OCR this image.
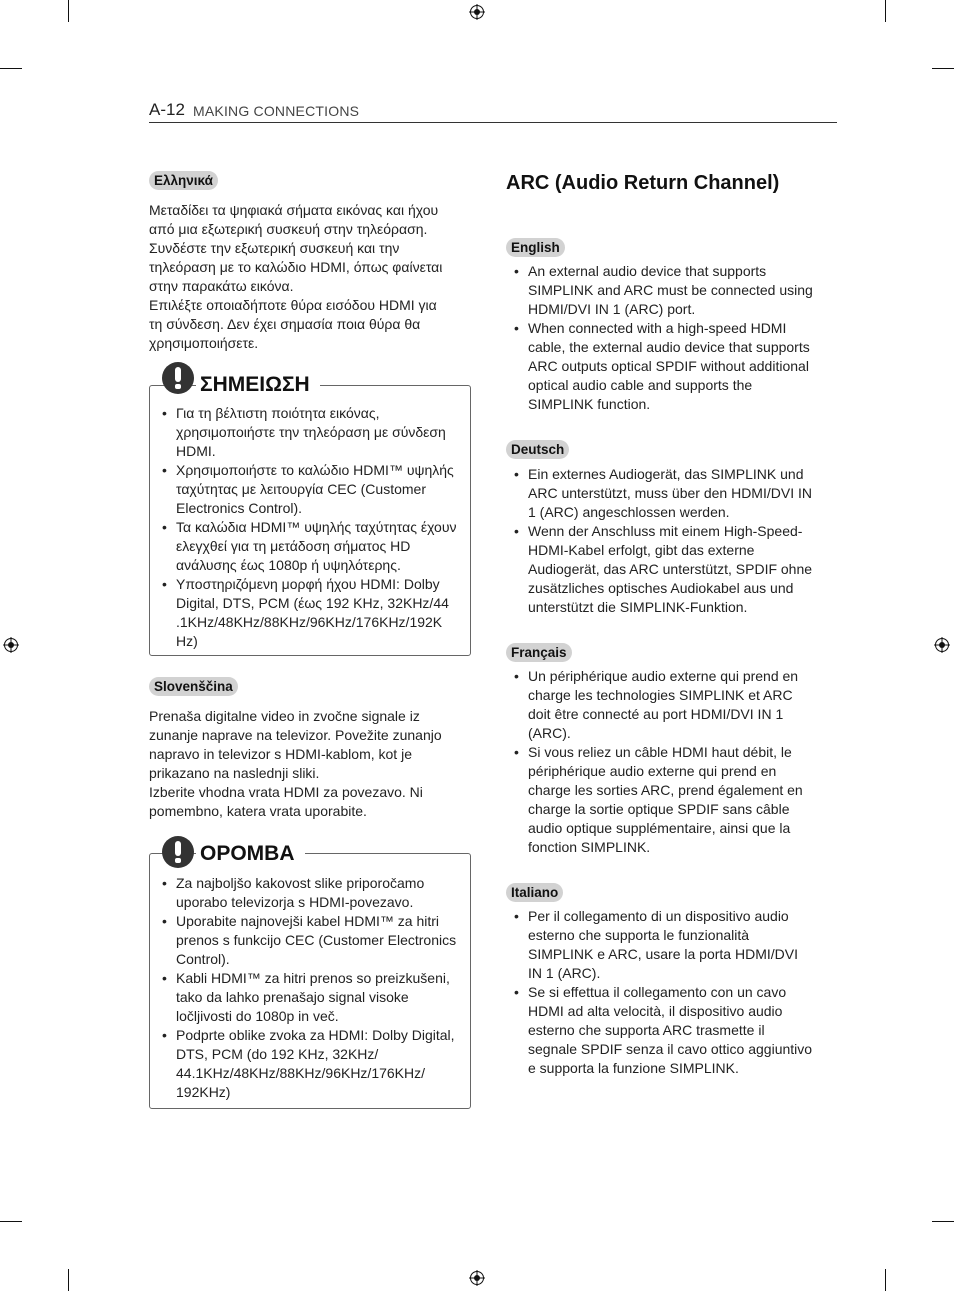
A-12 MAKING CONNECTIONS
Ελληνικά

Μεταδίδει τα ψηφιακά σήματα εικόνας και ήχου

από μια εξωτερική συσκευή στην τηλεόραση.

Συνδέστε την εξωτερική συσκευή και την

τηλεόραση με το καλώδιο HDMI, όπως φαίνεται

στην παρακάτω εικόνα.

Επιλέξτε οποιαδήποτε θύρα εισόδου HDMI για

τη σύνδεση. Δεν έχει σημασία ποια θύρα θα

χρησιμοποιήσετε.

ΣΗΜΕΙΩΣΗ
• Για τη βέλτιστη ποιότητα εικόνας, χρησιμοποιήστε την τηλεόραση με σύνδεση HDMI.
• Χρησιμοποιήστε το καλώδιο HDMI™ υψηλής ταχύτητας με λειτουργία CEC (Customer Electronics Control).
• Τα καλώδια HDMI™ υψηλής ταχύτητας έχουν ελεγχθεί για τη μετάδοση σήματος HD ανάλυσης έως 1080p ή υψηλότερης.
• Υποστηριζόμενη μορφή ήχου HDMI: Dolby Digital, DTS, PCM (έως 192 KHz, 32KHz/44 .1KHz/48KHz/88KHz/96KHz/176KHz/192K Hz)
Slovenščina

Prenaša digitalne video in zvočne signale iz

zunanje naprave na televizor. Povežite zunanjo

napravo in televizor s HDMI-kablom, kot je

prikazano na naslednji sliki.

Izberite vhodna vrata HDMI za povezavo. Ni

pomembno, katera vrata uporabite.

OPOMBA
• Za najboljšo kakovost slike priporočamo uporabo televizorja s HDMI-povezavo.
• Uporabite najnovejši kabel HDMI™ za hitri prenos s funkcijo CEC (Customer Electronics Control).
• Kabli HDMI™ za hitri prenos so preizkušeni, tako da lahko prenašajo signal visoke ločljivosti do 1080p in več.
• Podprte oblike zvoka za HDMI: Dolby Digital, DTS, PCM (do 192 KHz, 32KHz/ 44.1KHz/48KHz/88KHz/96KHz/176KHz/ 192KHz)
ARC (Audio Return Channel)
English
• An external audio device that supports SIMPLINK and ARC must be connected using HDMI/DVI IN 1 (ARC) port.
• When connected with a high-speed HDMI cable, the external audio device that supports ARC outputs optical SPDIF without additional optical audio cable and supports the SIMPLINK function.
Deutsch
• Ein externes Audiogerät, das SIMPLINK und ARC unterstützt, muss über den HDMI/DVI IN 1 (ARC) angeschlossen werden.
• Wenn der Anschluss mit einem High-Speed-HDMI-Kabel erfolgt, gibt das externe Audiogerät, das ARC unterstützt, SPDIF ohne zusätzliches optisches Audiokabel aus und unterstützt die SIMPLINK-Funktion.
Français
• Un périphérique audio externe qui prend en charge les technologies SIMPLINK et ARC doit être connecté au port HDMI/DVI IN 1 (ARC).
• Si vous reliez un câble HDMI haut débit, le périphérique audio externe qui prend en charge les sorties ARC, prend également en charge la sortie optique SPDIF sans câble audio optique supplémentaire, ainsi que la fonction SIMPLINK.
Italiano
• Per il collegamento di un dispositivo audio esterno che supporta le funzionalità SIMPLINK e ARC, usare la porta HDMI/DVI IN 1 (ARC).
• Se si effettua il collegamento con un cavo HDMI ad alta velocità, il dispositivo audio esterno che supporta ARC trasmette il segnale SPDIF senza il cavo ottico aggiuntivo e supporta la funzione SIMPLINK.
